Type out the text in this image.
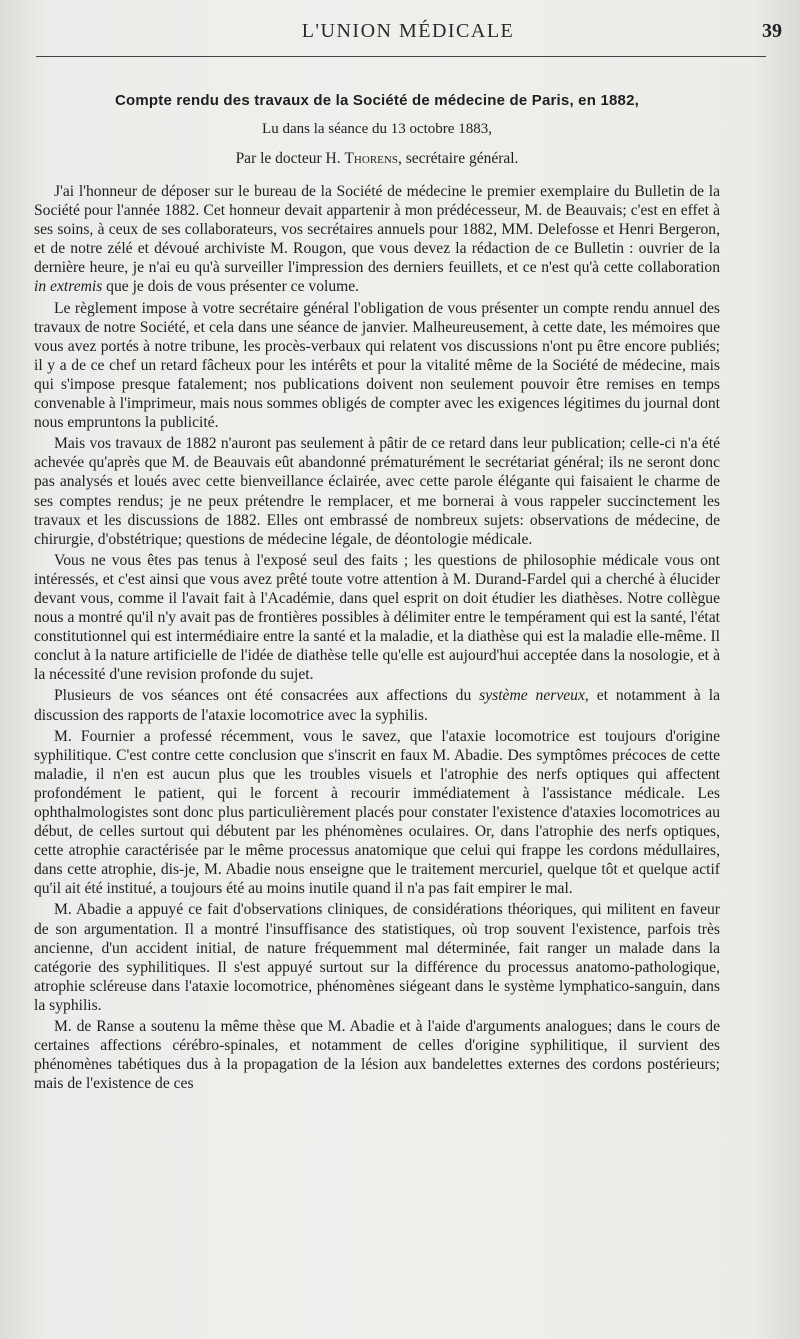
L'UNION MÉDICALE	39
Compte rendu des travaux de la Société de médecine de Paris, en 1882,
Lu dans la séance du 13 octobre 1883,
Par le docteur H. Thorens, secrétaire général.

J'ai l'honneur de déposer sur le bureau de la Société de médecine le premier exemplaire du Bulletin de la Société pour l'année 1882. Cet honneur devait appartenir à mon prédécesseur, M. de Beauvais; c'est en effet à ses soins, à ceux de ses collaborateurs, vos secrétaires annuels pour 1882, MM. Delefosse et Henri Bergeron, et de notre zélé et dévoué archiviste M. Rougon, que vous devez la rédaction de ce Bulletin : ouvrier de la dernière heure, je n'ai eu qu'à surveiller l'impression des derniers feuillets, et ce n'est qu'à cette collaboration in extremis que je dois de vous présenter ce volume.

Le règlement impose à votre secrétaire général l'obligation de vous présenter un compte rendu annuel des travaux de notre Société, et cela dans une séance de janvier. Malheureusement, à cette date, les mémoires que vous avez portés à notre tribune, les procès-verbaux qui relatent vos discussions n'ont pu être encore publiés; il y a de ce chef un retard fâcheux pour les intérêts et pour la vitalité même de la Société de médecine, mais qui s'impose presque fatalement; nos publications doivent non seulement pouvoir être remises en temps convenable à l'imprimeur, mais nous sommes obligés de compter avec les exigences légitimes du journal dont nous empruntons la publicité.

Mais vos travaux de 1882 n'auront pas seulement à pâtir de ce retard dans leur publication; celle-ci n'a été achevée qu'après que M. de Beauvais eût abandonné prématurément le secrétariat général; ils ne seront donc pas analysés et loués avec cette bienveillance éclairée, avec cette parole élégante qui faisaient le charme de ses comptes rendus; je ne peux prétendre le remplacer, et me bornerai à vous rappeler succinctement les travaux et les discussions de 1882. Elles ont embrassé de nombreux sujets: observations de médecine, de chirurgie, d'obstétrique; questions de médecine légale, de déontologie médicale.

Vous ne vous êtes pas tenus à l'exposé seul des faits ; les questions de philosophie médicale vous ont intéressés, et c'est ainsi que vous avez prêté toute votre attention à M. Durand-Fardel qui a cherché à élucider devant vous, comme il l'avait fait à l'Académie, dans quel esprit on doit étudier les diathèses. Notre collègue nous a montré qu'il n'y avait pas de frontières possibles à délimiter entre le tempérament qui est la santé, l'état constitutionnel qui est intermédiaire entre la santé et la maladie, et la diathèse qui est la maladie elle-même. Il conclut à la nature artificielle de l'idée de diathèse telle qu'elle est aujourd'hui acceptée dans la nosologie, et à la nécessité d'une revision profonde du sujet.

Plusieurs de vos séances ont été consacrées aux affections du système nerveux, et notamment à la discussion des rapports de l'ataxie locomotrice avec la syphilis.

M. Fournier a professé récemment, vous le savez, que l'ataxie locomotrice est toujours d'origine syphilitique. C'est contre cette conclusion que s'inscrit en faux M. Abadie. Des symptômes précoces de cette maladie, il n'en est aucun plus que les troubles visuels et l'atrophie des nerfs optiques qui affectent profondément le patient, qui le forcent à recourir immédiatement à l'assistance médicale. Les ophthalmologistes sont donc plus particulièrement placés pour constater l'existence d'ataxies locomotrices au début, de celles surtout qui débutent par les phénomènes oculaires. Or, dans l'atrophie des nerfs optiques, cette atrophie caractérisée par le même processus anatomique que celui qui frappe les cordons médullaires, dans cette atrophie, dis-je, M. Abadie nous enseigne que le traitement mercuriel, quelque tôt et quelque actif qu'il ait été institué, a toujours été au moins inutile quand il n'a pas fait empirer le mal.

M. Abadie a appuyé ce fait d'observations cliniques, de considérations théoriques, qui militent en faveur de son argumentation. Il a montré l'insuffisance des statistiques, où trop souvent l'existence, parfois très ancienne, d'un accident initial, de nature fréquemment mal déterminée, fait ranger un malade dans la catégorie des syphilitiques. Il s'est appuyé surtout sur la différence du processus anatomo-pathologique, atrophie scléreuse dans l'ataxie locomotrice, phénomènes siégeant dans le système lymphatico-sanguin, dans la syphilis.

M. de Ranse a soutenu la même thèse que M. Abadie et à l'aide d'arguments analogues; dans le cours de certaines affections cérébro-spinales, et notamment de celles d'origine syphilitique, il survient des phénomènes tabétiques dus à la propagation de la lésion aux bandelettes externes des cordons postérieurs; mais de l'existence de ces
